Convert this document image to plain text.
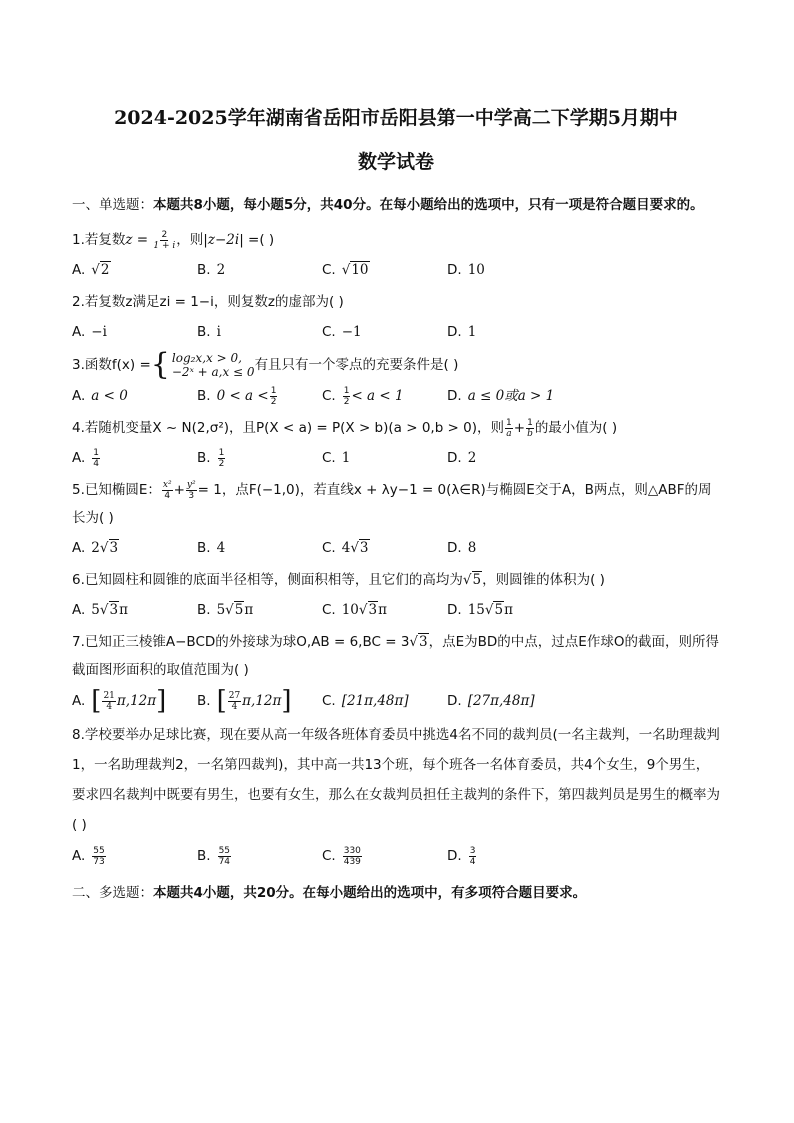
2024-2025学年湖南省岳阳市岳阳县第一中学高二下学期5月期中
数学试卷
一、单选题：本题共8小题，每小题5分，共40分。在每小题给出的选项中，只有一项是符合题目要求的。
1.若复数$z = \frac{2}{1 + i}$ ，则|z−2i| =( )
A. √2	B. 2	C. √10	D. 10
2.若复数z满足zi = 1−i，则复数z的虚部为( )
A. −i	B. i	C. −1	D. 1
3. 函数f(x) = { log₂x,x > 0,
−2ˣ + a,x ≤ 0 有且只有一个零点的充要条件是( )
A. a < 0	B. $0 < a < \frac{1}{2}$	C. $\frac{1}{2} < a < 1$	D. a ≤ 0或a > 1
4.若随机变量X ~ N(2,σ²)，且P(X < a) = P(X > b)(a > 0,b > 0)，则 $\frac{1}{a} + \frac{1}{b}$ 的最小值为( )
A. $\frac{1}{4}$	B. $\frac{1}{2}$	C. 1	D. 2
5.已知椭圆E： $\frac{\text{x²}}{4} + \frac{\text{y²}}{3} = 1$，点F(−1,0)，若直线x + λy−1 = 0(λ∈R)与椭圆E交于A，B两点，则△ABF的周长为( )
A. 2 √3	B. 4	C. 4 √3	D. 8
6.已知圆柱和圆锥的底面半径相等，侧面积相等，且它们的高均为√5，则圆锥的体积为( )
A. 5 √3 π	B. 5 √5 π	C. 10 √3 π	D. 15 √5 π
7.已知正三棱锥A−BCD的外接球为球O,AB = 6,BC = 3√3，点E为BD的中点，过点E作球O的截面，则所得截面图形面积的取值范围为( )
A. [ $\frac{21}{4} \pi,12\pi$ ] B. [ $\frac{27}{4} \pi,12\pi$ ] C. [21π,48π]	D. [27π,48π]
8.学校要举办足球比赛，现在要从高一年级各班体育委员中挑选4名不同的裁判员(一名主裁判，一名助理裁判1，一名助理裁判2，一名第四裁判)，其中高一共13个班，每个班各一名体育委员，共4个女生，9个男生，要求四名裁判中既要有男生，也要有女生，那么在女裁判员担任主裁判的条件下，第四裁判员是男生的概率为( )
A. $\frac{55}{73}$	B. $\frac{55}{74}$	C. $\frac{330}{439}$	D. $\frac{3}{4}$
二、多选题：本题共4小题，共20分。在每小题给出的选项中，有多项符合题目要求。
